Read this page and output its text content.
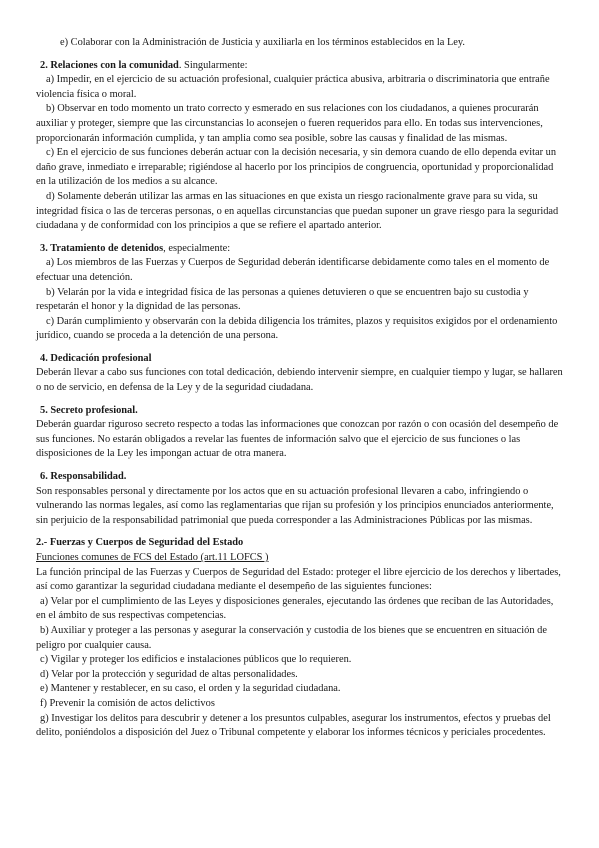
e) Colaborar con la Administración de Justicia y auxiliarla en los términos establecidos en la Ley.

2. Relaciones con la comunidad. Singularmente:

a) Impedir, en el ejercicio de su actuación profesional, cualquier práctica abusiva, arbitraria o discriminatoria que entrañe violencia física o moral.

b) Observar en todo momento un trato correcto y esmerado en sus relaciones con los ciudadanos, a quienes procurarán auxiliar y proteger, siempre que las circunstancias lo aconsejen o fueren requeridos para ello. En todas sus intervenciones, proporcionarán información cumplida, y tan amplia como sea posible, sobre las causas y finalidad de las mismas.

c) En el ejercicio de sus funciones deberán actuar con la decisión necesaria, y sin demora cuando de ello dependa evitar un daño grave, inmediato e irreparable; rigiéndose al hacerlo por los principios de congruencia, oportunidad y proporcionalidad en la utilización de los medios a su alcance.

d) Solamente deberán utilizar las armas en las situaciones en que exista un riesgo racionalmente grave para su vida, su integridad física o las de terceras personas, o en aquellas circunstancias que puedan suponer un grave riesgo para la seguridad ciudadana y de conformidad con los principios a que se refiere el apartado anterior.

3. Tratamiento de detenidos, especialmente:

a) Los miembros de las Fuerzas y Cuerpos de Seguridad deberán identificarse debidamente como tales en el momento de efectuar una detención.

b) Velarán por la vida e integridad física de las personas a quienes detuvieren o que se encuentren bajo su custodia y respetarán el honor y la dignidad de las personas.

c) Darán cumplimiento y observarán con la debida diligencia los trámites, plazos y requisitos exigidos por el ordenamiento jurídico, cuando se proceda a la detención de una persona.

4. Dedicación profesional

Deberán llevar a cabo sus funciones con total dedicación, debiendo intervenir siempre, en cualquier tiempo y lugar, se hallaren o no de servicio, en defensa de la Ley y de la seguridad ciudadana.

5. Secreto profesional.

Deberán guardar riguroso secreto respecto a todas las informaciones que conozcan por razón o con ocasión del desempeño de sus funciones. No estarán obligados a revelar las fuentes de información salvo que el ejercicio de sus funciones o las disposiciones de la Ley les impongan actuar de otra manera.

6. Responsabilidad.

Son responsables personal y directamente por los actos que en su actuación profesional llevaren a cabo, infringiendo o vulnerando las normas legales, así como las reglamentarias que rijan su profesión y los principios enunciados anteriormente, sin perjuicio de la responsabilidad patrimonial que pueda corresponder a las Administraciones Públicas por las mismas.

2.- Fuerzas y Cuerpos de Seguridad del Estado

Funciones comunes de FCS del Estado (art.11 LOFCS )

La función principal de las Fuerzas y Cuerpos de Seguridad del Estado: proteger el libre ejercicio de los derechos y libertades, así como garantizar la seguridad ciudadana mediante el desempeño de las siguientes funciones:

a) Velar por el cumplimiento de las Leyes y disposiciones generales, ejecutando las órdenes que reciban de las Autoridades, en el ámbito de sus respectivas competencias.

b) Auxiliar y proteger a las personas y asegurar la conservación y custodia de los bienes que se encuentren en situación de peligro por cualquier causa.

c) Vigilar y proteger los edificios e instalaciones públicos que lo requieren.

d) Velar por la protección y seguridad de altas personalidades.

e) Mantener y restablecer, en su caso, el orden y la seguridad ciudadana.

f) Prevenir la comisión de actos delictivos

g) Investigar los delitos para descubrir y detener a los presuntos culpables, asegurar los instrumentos, efectos y pruebas del delito, poniéndolos a disposición del Juez o Tribunal competente y elaborar los informes técnicos y periciales procedentes.
